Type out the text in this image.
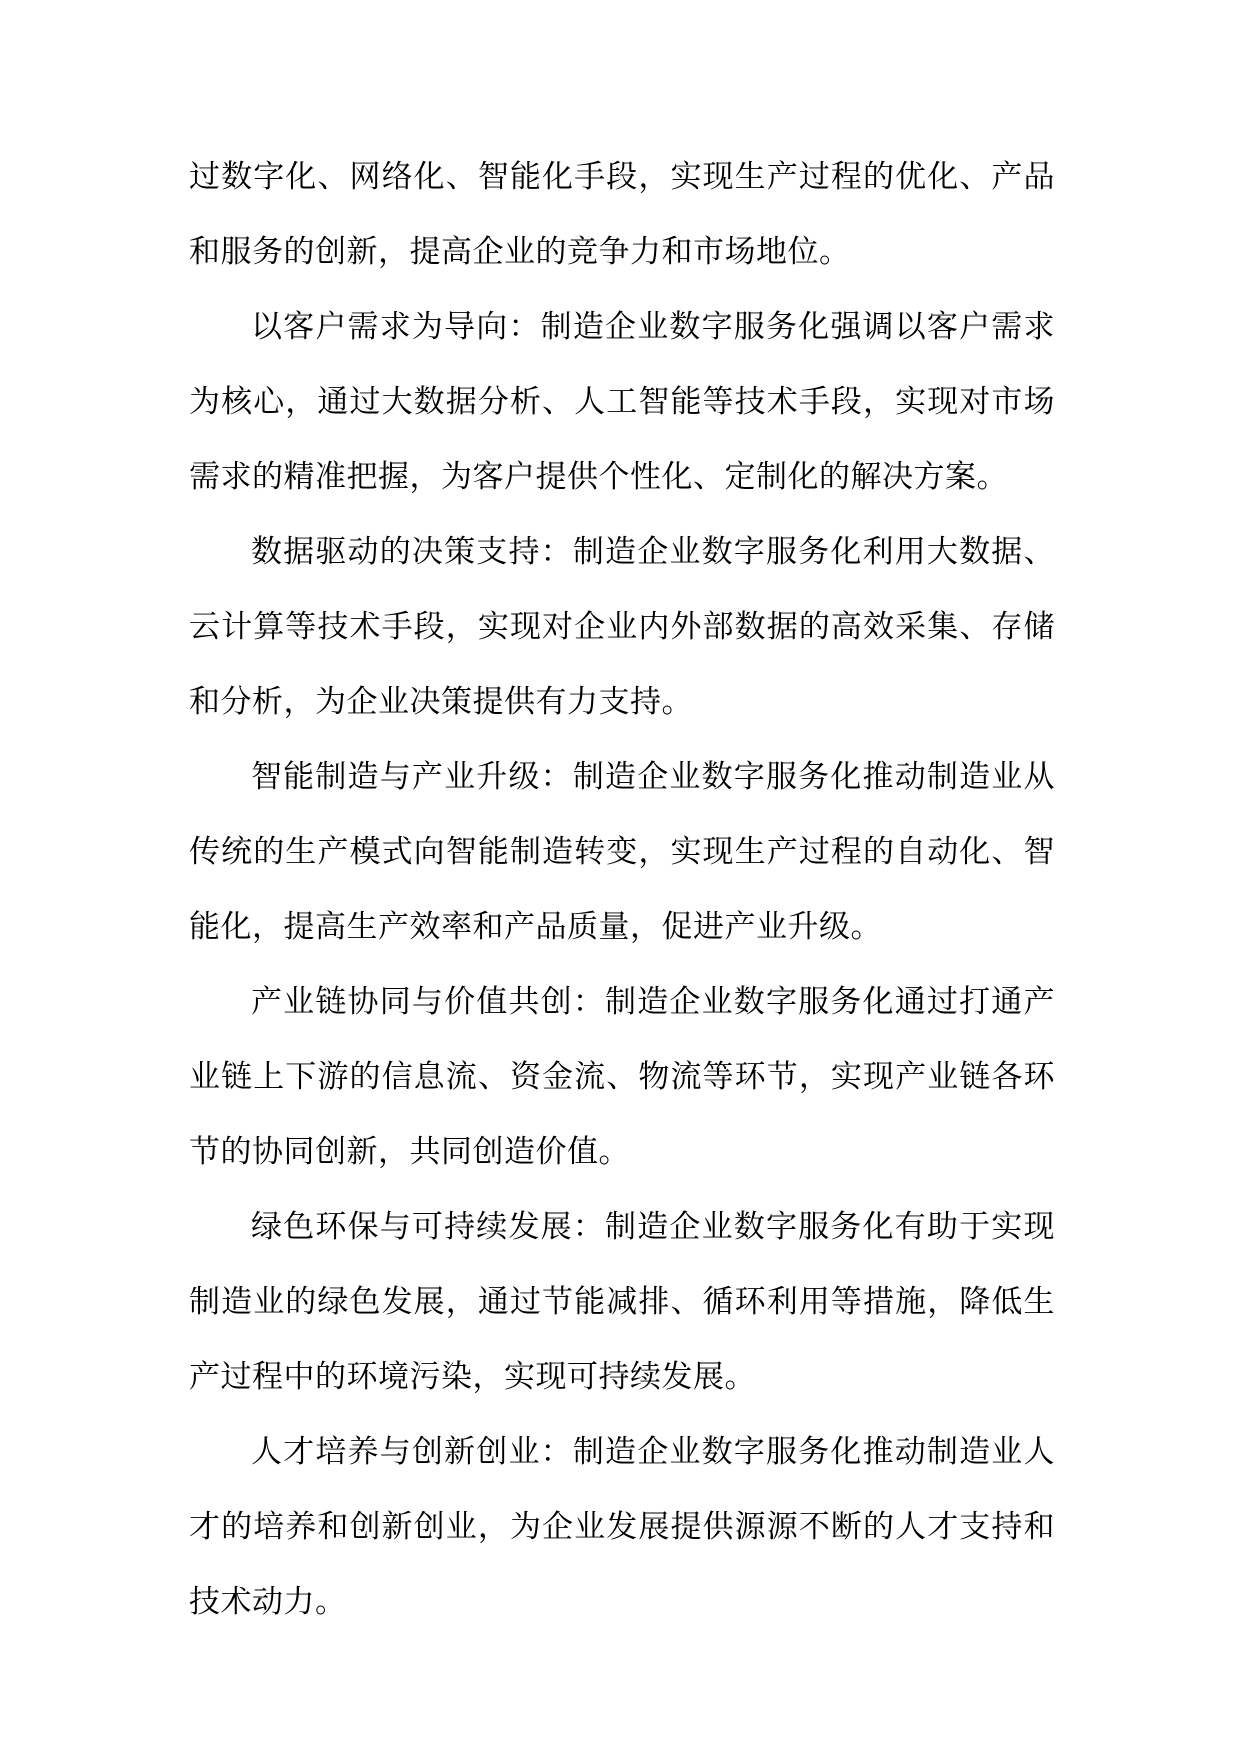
过数字化、网络化、智能化手段，实现生产过程的优化、产品和服务的创新，提高企业的竞争力和市场地位。

以客户需求为导向：制造企业数字服务化强调以客户需求为核心，通过大数据分析、人工智能等技术手段，实现对市场需求的精准把握，为客户提供个性化、定制化的解决方案。

数据驱动的决策支持：制造企业数字服务化利用大数据、云计算等技术手段，实现对企业内外部数据的高效采集、存储和分析，为企业决策提供有力支持。

智能制造与产业升级：制造企业数字服务化推动制造业从传统的生产模式向智能制造转变，实现生产过程的自动化、智能化，提高生产效率和产品质量，促进产业升级。

产业链协同与价值共创：制造企业数字服务化通过打通产业链上下游的信息流、资金流、物流等环节，实现产业链各环节的协同创新，共同创造价值。

绿色环保与可持续发展：制造企业数字服务化有助于实现制造业的绿色发展，通过节能减排、循环利用等措施，降低生产过程中的环境污染，实现可持续发展。

人才培养与创新创业：制造企业数字服务化推动制造业人才的培养和创新创业，为企业发展提供源源不断的人才支持和技术动力。
